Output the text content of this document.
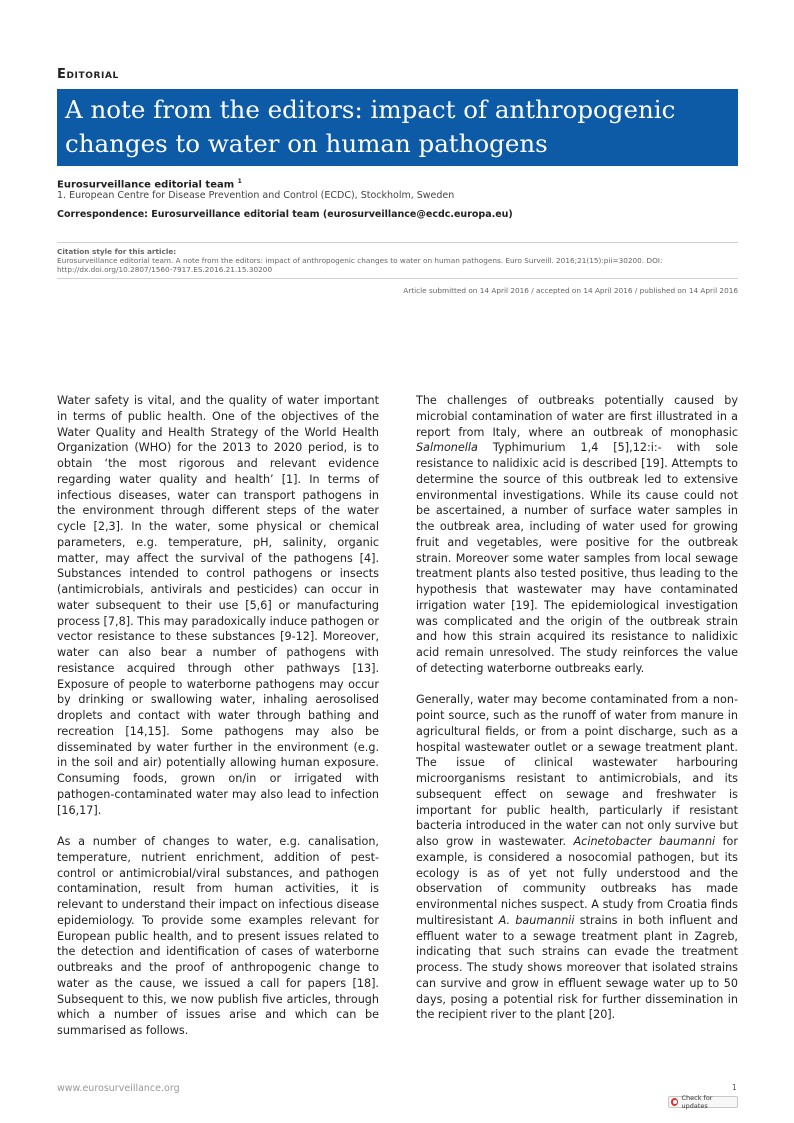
Editorial
A note from the editors: impact of anthropogenic changes to water on human pathogens
Eurosurveillance editorial team $^1$
1. European Centre for Disease Prevention and Control (ECDC), Stockholm, Sweden
Correspondence: Eurosurveillance editorial team (eurosurveillance@ecdc.europa.eu)
Citation style for this article:
Eurosurveillance editorial team. A note from the editors: impact of anthropogenic changes to water on human pathogens. Euro Surveill. 2016;21(15):pii=30200. DOI: http://dx.doi.org/10.2807/1560-7917.ES.2016.21.15.30200
Article submitted on 14 April 2016 / accepted on 14 April 2016 / published on 14 April 2016

Water safety is vital, and the quality of water important in terms of public health. One of the objectives of the Water Quality and Health Strategy of the World Health Organization (WHO) for the 2013 to 2020 period, is to obtain ‘the most rigorous and relevant evidence regarding water quality and health’ [1]. In terms of infectious diseases, water can transport pathogens in the environment through different steps of the water cycle [2,3]. In the water, some physical or chemical parameters, e.g. temperature, pH, salinity, organic matter, may affect the survival of the pathogens [4]. Substances intended to control pathogens or insects (antimicrobials, antivirals and pesticides) can occur in water subsequent to their use [5,6] or manufacturing process [7,8]. This may paradoxically induce pathogen or vector resistance to these substances [9-12]. Moreover, water can also bear a number of pathogens with resistance acquired through other pathways [13]. Exposure of people to waterborne pathogens may occur by drinking or swallowing water, inhaling aerosolised droplets and contact with water through bathing and recreation [14,15]. Some pathogens may also be disseminated by water further in the environment (e.g. in the soil and air) potentially allowing human exposure. Consuming foods, grown on/in or irrigated with pathogen-contaminated water may also lead to infection [16,17].

As a number of changes to water, e.g. canalisation, temperature, nutrient enrichment, addition of pest-control or antimicrobial/viral substances, and pathogen contamination, result from human activities, it is relevant to understand their impact on infectious disease epidemiology. To provide some examples relevant for European public health, and to present issues related to the detection and identification of cases of waterborne outbreaks and the proof of anthropogenic change to water as the cause, we issued a call for papers [18]. Subsequent to this, we now publish five articles, through which a number of issues arise and which can be summarised as follows.

The challenges of outbreaks potentially caused by microbial contamination of water are first illustrated in a report from Italy, where an outbreak of monophasic Salmonella Typhimurium 1,4 [5],12:i:- with sole resistance to nalidixic acid is described [19]. Attempts to determine the source of this outbreak led to extensive environmental investigations. While its cause could not be ascertained, a number of surface water samples in the outbreak area, including of water used for growing fruit and vegetables, were positive for the outbreak strain. Moreover some water samples from local sewage treatment plants also tested positive, thus leading to the hypothesis that wastewater may have contaminated irrigation water [19]. The epidemiological investigation was complicated and the origin of the outbreak strain and how this strain acquired its resistance to nalidixic acid remain unresolved. The study reinforces the value of detecting waterborne outbreaks early.

Generally, water may become contaminated from a non-point source, such as the runoff of water from manure in agricultural fields, or from a point discharge, such as a hospital wastewater outlet or a sewage treatment plant. The issue of clinical wastewater harbouring microorganisms resistant to antimicrobials, and its subsequent effect on sewage and freshwater is important for public health, particularly if resistant bacteria introduced in the water can not only survive but also grow in wastewater. Acinetobacter baumanni for example, is considered a nosocomial pathogen, but its ecology is as of yet not fully understood and the observation of community outbreaks has made environmental niches suspect. A study from Croatia finds multiresistant A. baumannii strains in both influent and effluent water to a sewage treatment plant in Zagreb, indicating that such strains can evade the treatment process. The study shows moreover that isolated strains can survive and grow in effluent sewage water up to 50 days, posing a potential risk for further dissemination in the recipient river to the plant [20].

www.eurosurveillance.org	1
Check for updates
